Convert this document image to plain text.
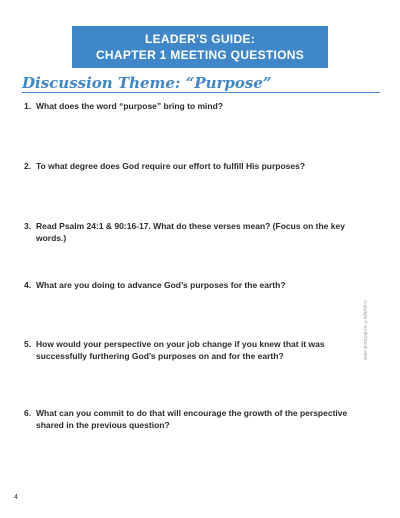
LEADER'S GUIDE:
CHAPTER 1 MEETING QUESTIONS
Discussion Theme: “Purpose”
1. What does the word “purpose” bring to mind?
2. To what degree does God require our effort to fulfill His purposes?
3. Read Psalm 24:1 & 90:16-17. What do these verses mean? (Focus on the key words.)
4. What are you doing to advance God’s purposes for the earth?
5. How would your perspective on your job change if you knew that it was successfully furthering God’s purposes on and for the earth?
6. What can you commit to do that will encourage the growth of the perspective shared in the previous question?
Copyright © Scribd book 2006
4
